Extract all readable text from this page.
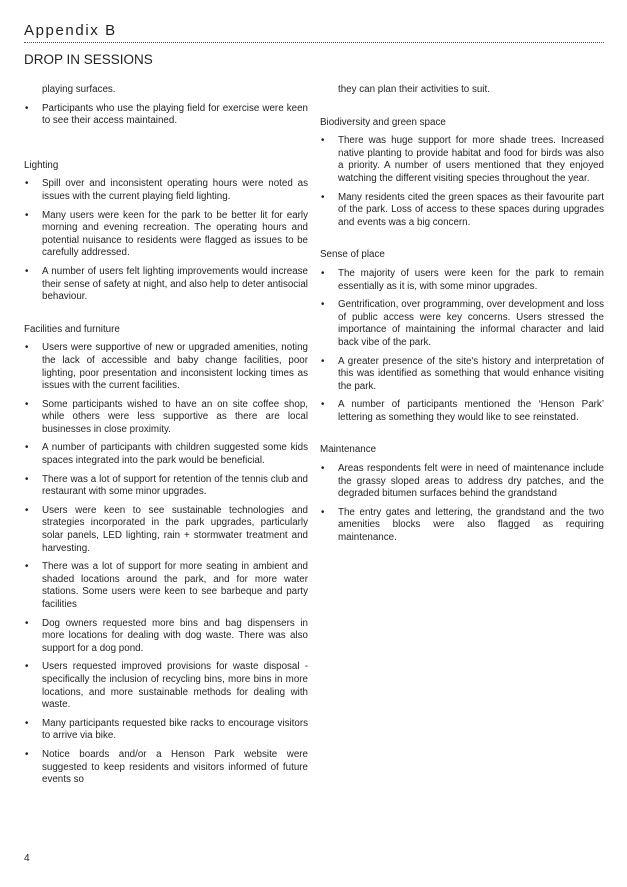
Appendix B
DROP IN SESSIONS
playing surfaces.
• Participants who use the playing field for exercise were keen to see their access maintained.
Lighting
• Spill over and inconsistent operating hours were noted as issues with the current playing field lighting.
• Many users were keen for the park to be better lit for early morning and evening recreation. The operating hours and potential nuisance to residents were flagged as issues to be carefully addressed.
• A number of users felt lighting improvements would increase their sense of safety at night, and also help to deter antisocial behaviour.
Facilities and furniture
• Users were supportive of new or upgraded amenities, noting the lack of accessible and baby change facilities, poor lighting, poor presentation and inconsistent locking times as issues with the current facilities.
• Some participants wished to have an on site coffee shop, while others were less supportive as there are local businesses in close proximity.
• A number of participants with children suggested some kids spaces integrated into the park would be beneficial.
• There was a lot of support for retention of the tennis club and restaurant with some minor upgrades.
• Users were keen to see sustainable technologies and strategies incorporated in the park upgrades, particularly solar panels, LED lighting, rain + stormwater treatment and harvesting.
• There was a lot of support for more seating in ambient and shaded locations around the park, and for more water stations. Some users were keen to see barbeque and party facilities
• Dog owners requested more bins and bag dispensers in more locations for dealing with dog waste. There was also support for a dog pond.
• Users requested improved provisions for waste disposal - specifically the inclusion of recycling bins, more bins in more locations, and more sustainable methods for dealing with waste.
• Many participants requested bike racks to encourage visitors to arrive via bike.
• Notice boards and/or a Henson Park website were suggested to keep residents and visitors informed of future events so
they can plan their activities to suit.
Biodiversity and green space
• There was huge support for more shade trees. Increased native planting to provide habitat and food for birds was also a priority. A number of users mentioned that they enjoyed watching the different visiting species throughout the year.
• Many residents cited the green spaces as their favourite part of the park. Loss of access to these spaces during upgrades and events was a big concern.
Sense of place
• The majority of users were keen for the park to remain essentially as it is, with some minor upgrades.
• Gentrification, over programming, over development and loss of public access were key concerns. Users stressed the importance of maintaining the informal character and laid back vibe of the park.
• A greater presence of the site's history and interpretation of this was identified as something that would enhance visiting the park.
• A number of participants mentioned the ‘Henson Park’ lettering as something they would like to see reinstated.
Maintenance
• Areas respondents felt were in need of maintenance include the grassy sloped areas to address dry patches, and the degraded bitumen surfaces behind the grandstand
• The entry gates and lettering, the grandstand and the two amenities blocks were also flagged as requiring maintenance.
4
